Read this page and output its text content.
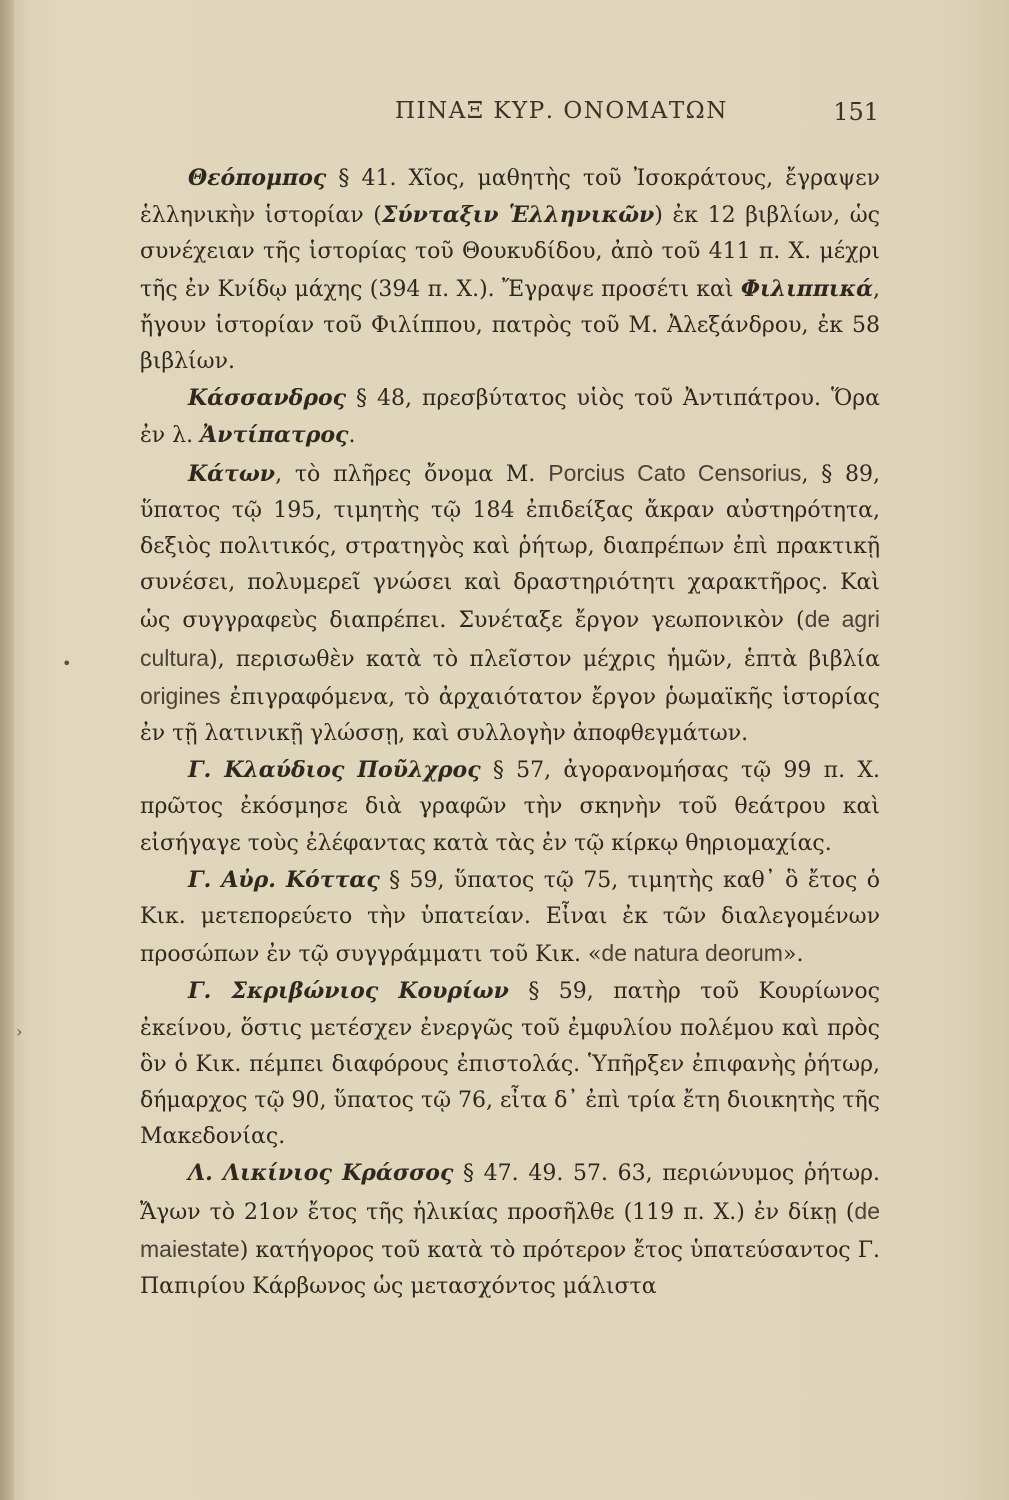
ΠΙΝΑΞ ΚΥΡ. ΟΝΟΜΑΤΩΝ	151
•
›

Θεόπομπος § 41. Χῖος, μαθητὴς τοῦ Ἰσοκράτους, ἔγραψεν ἑλληνικὴν ἱστορίαν (Σύνταξιν Ἑλληνικῶν) ἐκ 12 βιβλίων, ὡς συνέχειαν τῆς ἱστορίας τοῦ Θουκυδίδου, ἀπὸ τοῦ 411 π. Χ. μέχρι τῆς ἐν Κνίδῳ μάχης (394 π. Χ.). Ἔγραψε προσέτι καὶ Φιλιππικά, ἤγουν ἱστορίαν τοῦ Φιλίππου, πατρὸς τοῦ Μ. Ἀλεξάνδρου, ἐκ 58 βιβλίων.

Κάσσανδρος § 48, πρεσβύτατος υἱὸς τοῦ Ἀντιπάτρου. Ὅρα ἐν λ. Ἀντίπατρος.

Κάτων, τὸ πλῆρες ὄνομα Μ. Porcius Cato Censorius, § 89, ὕπατος τῷ 195, τιμητὴς τῷ 184 ἐπιδείξας ἄκραν αὐστηρότητα, δεξιὸς πολιτικός, στρατηγὸς καὶ ῥήτωρ, διαπρέπων ἐπὶ πρακτικῇ συνέσει, πολυμερεῖ γνώσει καὶ δραστηριότητι χαρακτῆρος. Καὶ ὡς συγγραφεὺς διαπρέπει. Συνέταξε ἔργον γεωπονικὸν (de agri cultura), περισωθὲν κατὰ τὸ πλεῖστον μέχρις ἡμῶν, ἑπτὰ βιβλία origines ἐπιγραφόμενα, τὸ ἀρχαιότατον ἔργον ῥωμαϊκῆς ἱστορίας ἐν τῇ λατινικῇ γλώσσῃ, καὶ συλλογὴν ἀποφθεγμάτων.

Γ. Κλαύδιος Ποῦλχρος § 57, ἀγορανομήσας τῷ 99 π. Χ. πρῶτος ἐκόσμησε διὰ γραφῶν τὴν σκηνὴν τοῦ θεάτρου καὶ εἰσήγαγε τοὺς ἐλέφαντας κατὰ τὰς ἐν τῷ κίρκῳ θηριομαχίας.

Γ. Αὐρ. Κόττας § 59, ὕπατος τῷ 75, τιμητὴς καθ᾽ ὃ ἔτος ὁ Κικ. μετεπορεύετο τὴν ὑπατείαν. Εἶναι ἐκ τῶν διαλεγομένων προσώπων ἐν τῷ συγγράμματι τοῦ Κικ. «de natura deorum».

Γ. Σκριβώνιος Κουρίων § 59, πατὴρ τοῦ Κουρίωνος ἐκείνου, ὅστις μετέσχεν ἐνεργῶς τοῦ ἐμφυλίου πολέμου καὶ πρὸς ὃν ὁ Κικ. πέμπει διαφόρους ἐπιστολάς. Ὑπῆρξεν ἐπιφανὴς ῥήτωρ, δήμαρχος τῷ 90, ὕπατος τῷ 76, εἶτα δ᾽ ἐπὶ τρία ἔτη διοικητὴς τῆς Μακεδονίας.

Λ. Λικίνιος Κράσσος § 47. 49. 57. 63, περιώνυμος ῥήτωρ. Ἄγων τὸ 21ον ἔτος τῆς ἡλικίας προσῆλθε (119 π. Χ.) ἐν δίκῃ (de maiestate) κατήγορος τοῦ κατὰ τὸ πρότερον ἔτος ὑπατεύσαντος Γ. Παπιρίου Κάρβωνος ὡς μετασχόντος μάλιστα
